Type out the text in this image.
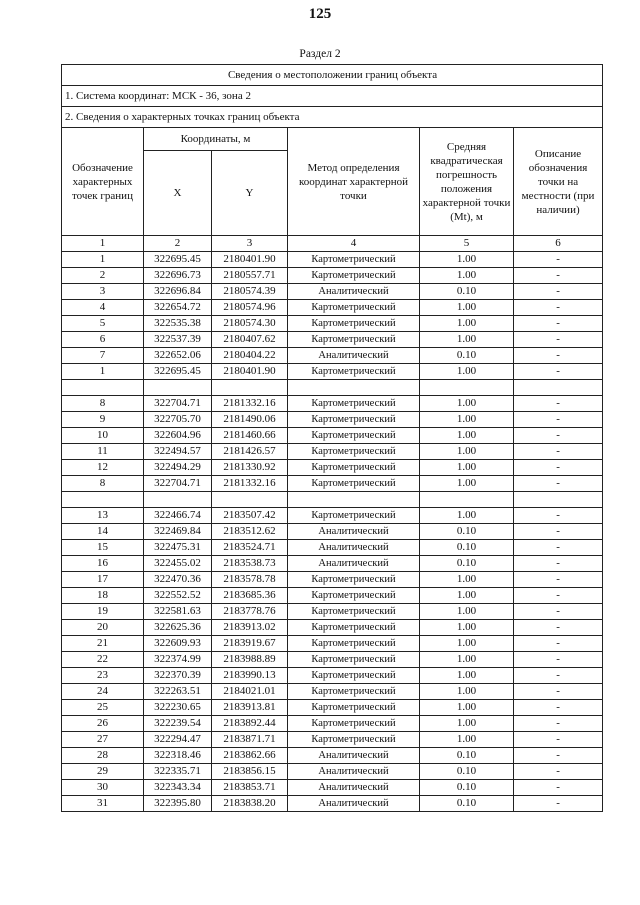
125
Раздел 2
Сведения о местоположении границ объекта					
1. Система координат: МСК - 36, зона 2					
2. Сведения о характерных точках границ объекта					
Обозначение характерных точек границ	Координаты, м		Метод определения координат характерной точки	Средняя квадратическая погрешность положения характерной точки (Mt), м	Описание обозначения точки на местности (при наличии)
	X	Y			
1	2	3	4	5	6
1	322695.45	2180401.90	Картометрический	1.00	-
2	322696.73	2180557.71	Картометрический	1.00	-
3	322696.84	2180574.39	Аналитический	0.10	-
4	322654.72	2180574.96	Картометрический	1.00	-
5	322535.38	2180574.30	Картометрический	1.00	-
6	322537.39	2180407.62	Картометрический	1.00	-
7	322652.06	2180404.22	Аналитический	0.10	-
1	322695.45	2180401.90	Картометрический	1.00	-

8	322704.71	2181332.16	Картометрический	1.00	-
9	322705.70	2181490.06	Картометрический	1.00	-
10	322604.96	2181460.66	Картометрический	1.00	-
11	322494.57	2181426.57	Картометрический	1.00	-
12	322494.29	2181330.92	Картометрический	1.00	-
8	322704.71	2181332.16	Картометрический	1.00	-

13	322466.74	2183507.42	Картометрический	1.00	-
14	322469.84	2183512.62	Аналитический	0.10	-
15	322475.31	2183524.71	Аналитический	0.10	-
16	322455.02	2183538.73	Аналитический	0.10	-
17	322470.36	2183578.78	Картометрический	1.00	-
18	322552.52	2183685.36	Картометрический	1.00	-
19	322581.63	2183778.76	Картометрический	1.00	-
20	322625.36	2183913.02	Картометрический	1.00	-
21	322609.93	2183919.67	Картометрический	1.00	-
22	322374.99	2183988.89	Картометрический	1.00	-
23	322370.39	2183990.13	Картометрический	1.00	-
24	322263.51	2184021.01	Картометрический	1.00	-
25	322230.65	2183913.81	Картометрический	1.00	-
26	322239.54	2183892.44	Картометрический	1.00	-
27	322294.47	2183871.71	Картометрический	1.00	-
28	322318.46	2183862.66	Аналитический	0.10	-
29	322335.71	2183856.15	Аналитический	0.10	-
30	322343.34	2183853.71	Аналитический	0.10	-
31	322395.80	2183838.20	Аналитический	0.10	-
